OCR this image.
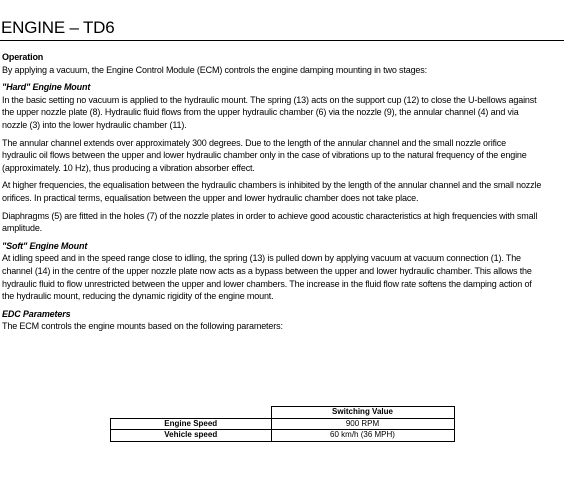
ENGINE – TD6

Operation

By applying a vacuum, the Engine Control Module (ECM) controls the engine damping mounting in two stages:

"Hard" Engine Mount

In the basic setting no vacuum is applied to the hydraulic mount. The spring (13) acts on the support cup (12) to close the U-bellows against the upper nozzle plate (8). Hydraulic fluid flows from the upper hydraulic chamber (6) via the nozzle (9), the annular channel (4) and via nozzle (3) into the lower hydraulic chamber (11).

The annular channel extends over approximately 300 degrees. Due to the length of the annular channel and the small nozzle orifice hydraulic oil flows between the upper and lower hydraulic chamber only in the case of vibrations up to the natural frequency of the engine (approximately. 10 Hz), thus producing a vibration absorber effect.

At higher frequencies, the equalisation between the hydraulic chambers is inhibited by the length of the annular channel and the small nozzle orifices. In practical terms, equalisation between the upper and lower hydraulic chamber does not take place.

Diaphragms (5) are fitted in the holes (7) of the nozzle plates in order to achieve good acoustic characteristics at high frequencies with small amplitude.

"Soft" Engine Mount

At idling speed and in the speed range close to idling, the spring (13) is pulled down by applying vacuum at vacuum connection (1). The channel (14) in the centre of the upper nozzle plate now acts as a bypass between the upper and lower hydraulic chamber. This allows the hydraulic fluid to flow unrestricted between the upper and lower chambers. The increase in the fluid flow rate softens the damping action of the hydraulic mount, reducing the dynamic rigidity of the engine mount.

EDC Parameters

The ECM controls the engine mounts based on the following parameters:

	Switching Value
Engine Speed	900 RPM
Vehicle speed	60 km/h (36 MPH)
